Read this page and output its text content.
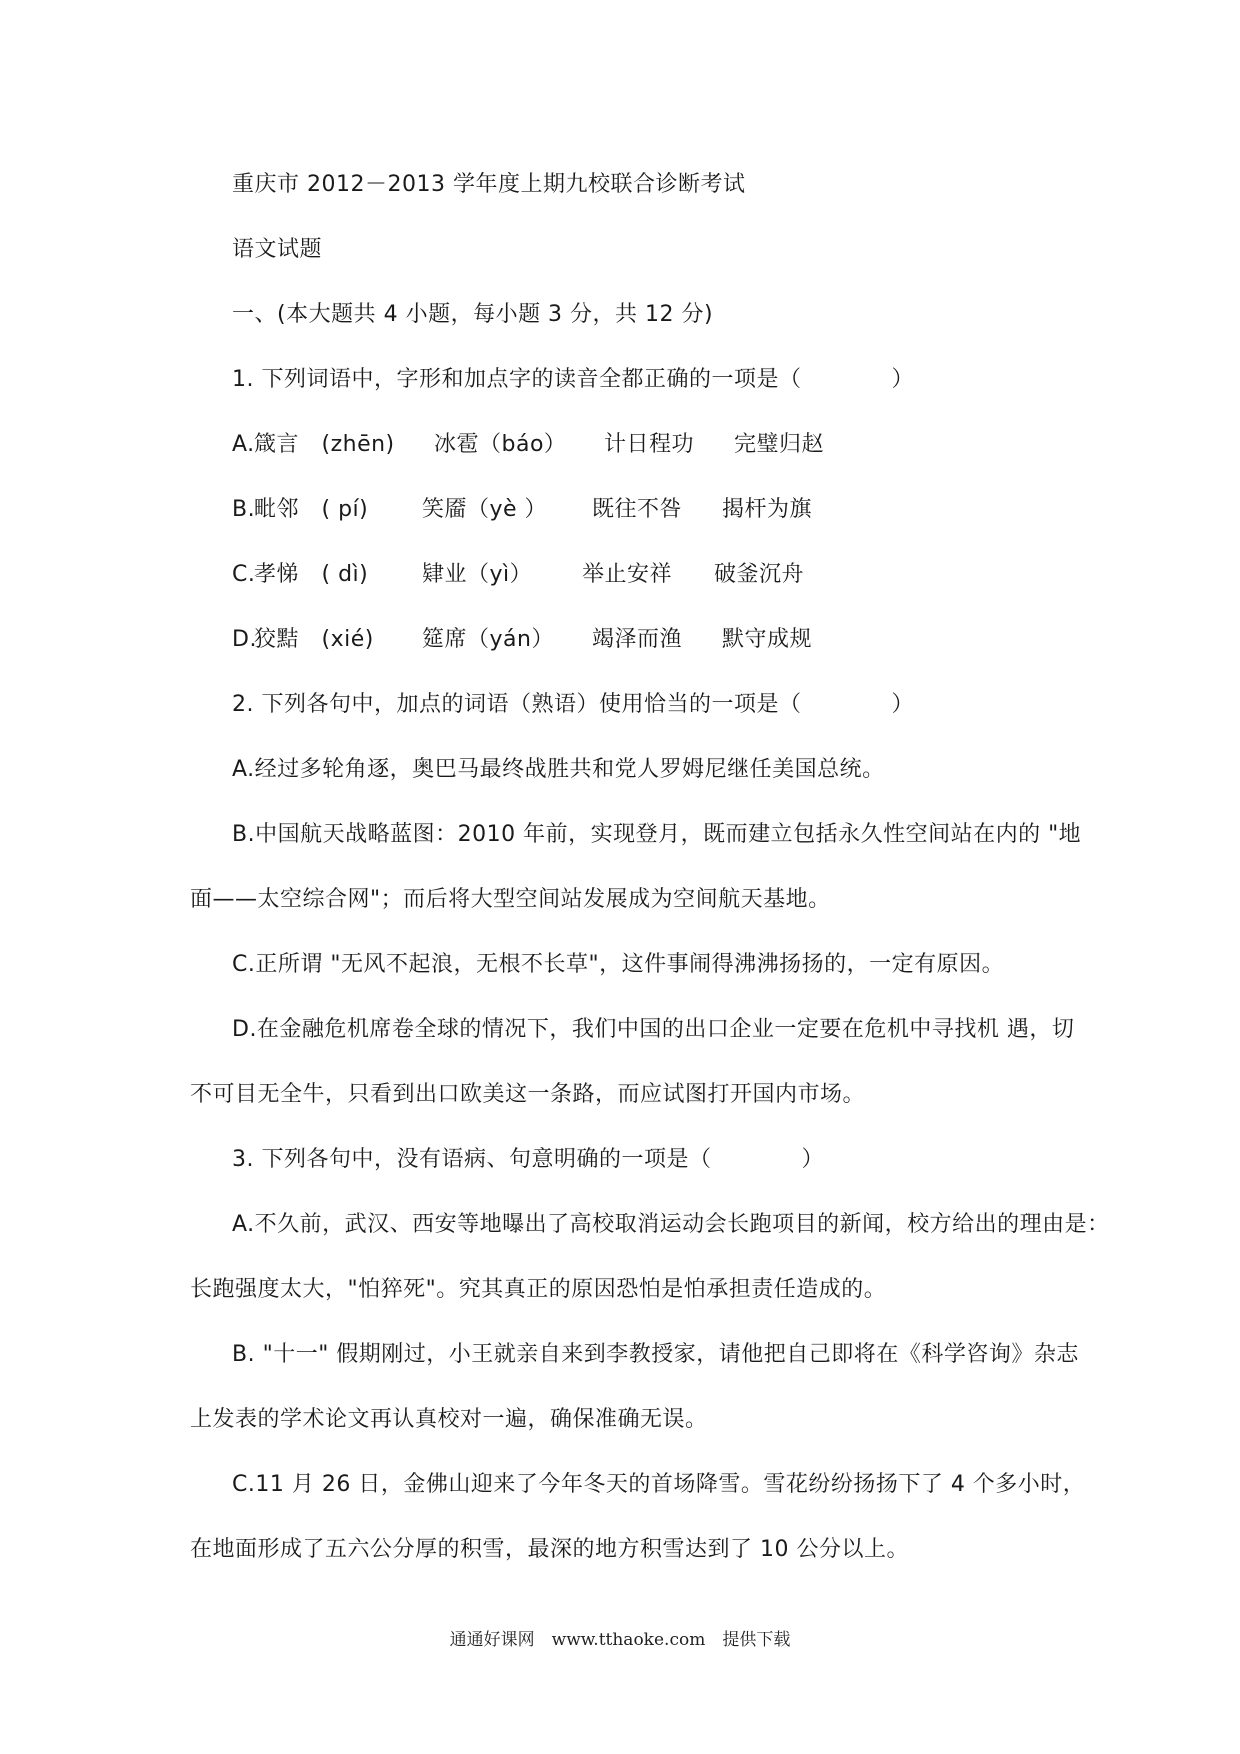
重庆市 2012－2013 学年度上期九校联合诊断考试
语文试题
一、(本大题共 4 小题，每小题 3 分，共 12 分)
1. 下列词语中，字形和加点字的读音全都正确的一项是（　　　　）
A.箴言　(zhēn) 冰雹（báo） 计日程功 完璧归赵
B.毗邻　( pí) 笑靥（yè ） 既往不咎 揭杆为旗
C.孝悌　( dì) 肄业（yì） 举止安祥 破釜沉舟
D.狡黠　(xié) 筵席（yán） 竭泽而渔 默守成规
2. 下列各句中，加点的词语（熟语）使用恰当的一项是（　　　　）
A.经过多轮角逐，奥巴马最终战胜共和党人罗姆尼继任美国总统。
B.中国航天战略蓝图：2010 年前，实现登月，既而建立包括永久性空间站在内的 "地
面——太空综合网"；而后将大型空间站发展成为空间航天基地。
C.正所谓 "无风不起浪，无根不长草"，这件事闹得沸沸扬扬的，一定有原因。
D.在金融危机席卷全球的情况下，我们中国的出口企业一定要在危机中寻找机 遇，切
不可目无全牛，只看到出口欧美这一条路，而应试图打开国内市场。
3. 下列各句中，没有语病、句意明确的一项是（　　　　）
A.不久前，武汉、西安等地曝出了高校取消运动会长跑项目的新闻，校方给出的理由是：
长跑强度太大，"怕猝死"。究其真正的原因恐怕是怕承担责任造成的。
B. "十一" 假期刚过，小王就亲自来到李教授家，请他把自己即将在《科学咨询》杂志
上发表的学术论文再认真校对一遍，确保准确无误。
C.11 月 26 日，金佛山迎来了今年冬天的首场降雪。雪花纷纷扬扬下了 4 个多小时，
在地面形成了五六公分厚的积雪，最深的地方积雪达到了 10 公分以上。
通通好课网　www.tthaoke.com　提供下载
